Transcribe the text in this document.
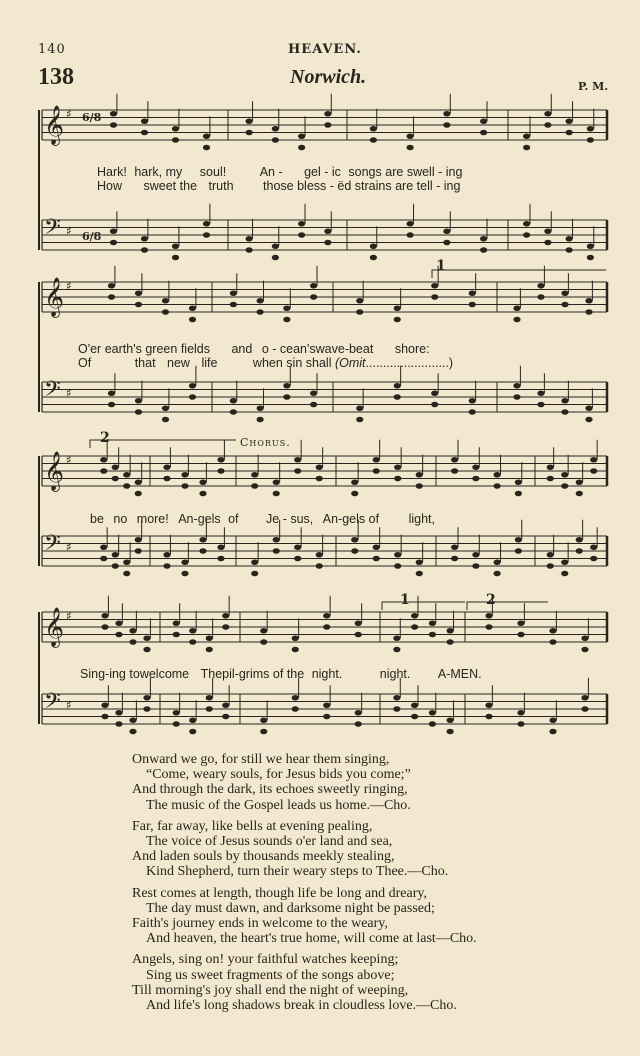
140	HEAVEN.
138	Norwich.	P. M.
𝄞 ♯
𝄢 ♯
𝄞 ♯
𝄢 ♯
𝄞 ♯
𝄢 ♯
𝄞 ♯
𝄢 ♯
6/8
6/8
Hark! hark, my soul!	An - gel - ic songs are swell - ing
How sweet the truth those bless - ëd strains are tell - ing
O'er earth's green fields and o - cean'swave-beat shore:
Of	that new life	when sin shall (Omit........................)
1
2	Chorus.
1	2
be no more! An-gels of Je - sus, An-gels of light,
Sing-ing towelcome Thepil-grims of the night.	night. A-MEN.
Onward we go, for still we hear them singing,
“Come, weary souls, for Jesus bids you come;”
And through the dark, its echoes sweetly ringing,
The music of the Gospel leads us home.—Cho.
Far, far away, like bells at evening pealing,
The voice of Jesus sounds o'er land and sea,
And laden souls by thousands meekly stealing,
Kind Shepherd, turn their weary steps to Thee.—Cho.
Rest comes at length, though life be long and dreary,
The day must dawn, and darksome night be passed;
Faith's journey ends in welcome to the weary,
And heaven, the heart's true home, will come at last—Cho.
Angels, sing on! your faithful watches keeping;
Sing us sweet fragments of the songs above;
Till morning's joy shall end the night of weeping,
And life's long shadows break in cloudless love.—Cho.
